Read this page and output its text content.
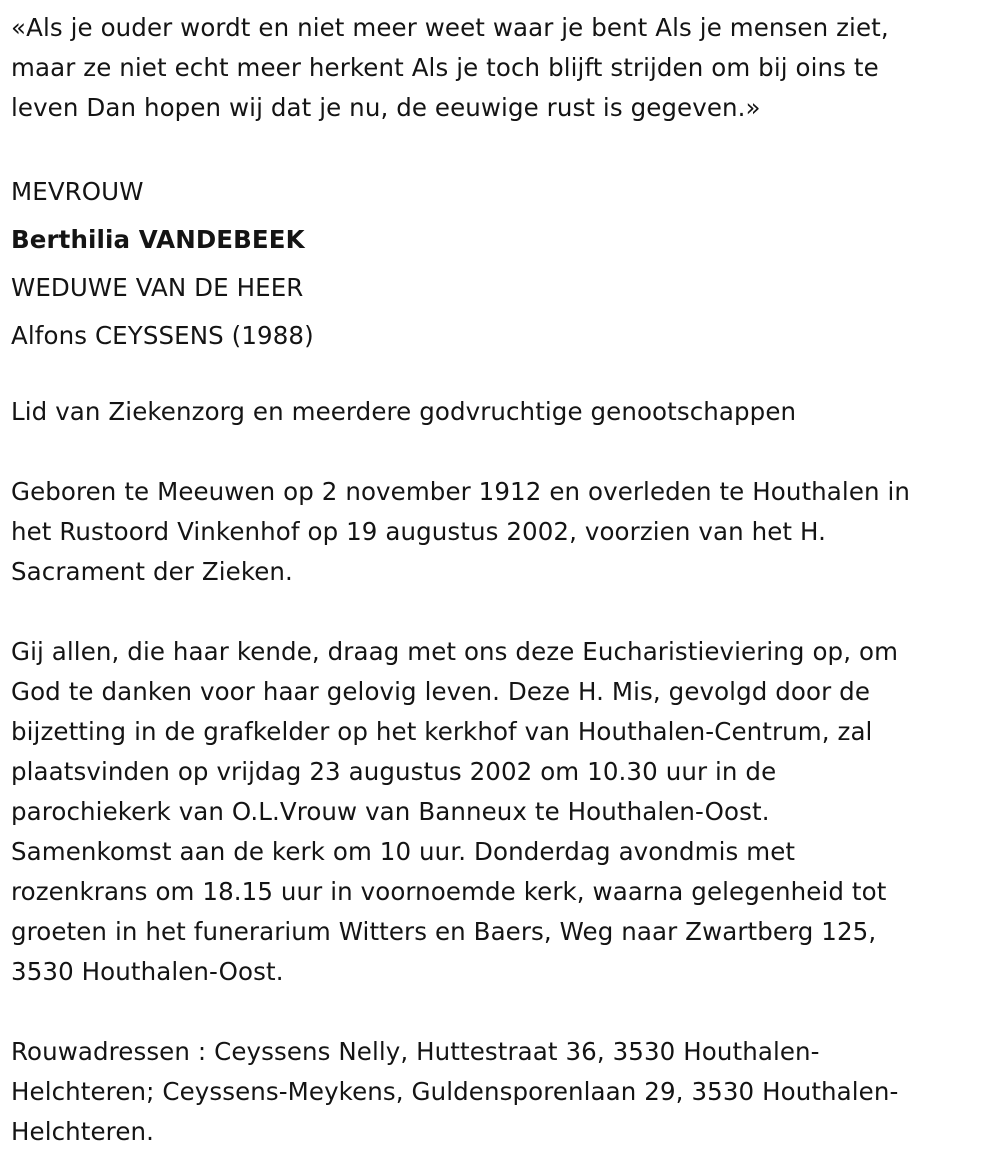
«Als je ouder wordt en niet meer weet waar je bent Als je mensen ziet,
maar ze niet echt meer herkent Als je toch blijft strijden om bij oins te
leven Dan hopen wij dat je nu, de eeuwige rust is gegeven.»

MEVROUW

Berthilia VANDEBEEK

WEDUWE VAN DE HEER

Alfons CEYSSENS (1988)

Lid van Ziekenzorg en meerdere godvruchtige genootschappen

Geboren te Meeuwen op 2 november 1912 en overleden te Houthalen in
het Rustoord Vinkenhof op 19 augustus 2002, voorzien van het H.
Sacrament der Zieken.

Gij allen, die haar kende, draag met ons deze Eucharistieviering op, om
God te danken voor haar gelovig leven. Deze H. Mis, gevolgd door de
bijzetting in de grafkelder op het kerkhof van Houthalen-Centrum, zal
plaatsvinden op vrijdag 23 augustus 2002 om 10.30 uur in de
parochiekerk van O.L.Vrouw van Banneux te Houthalen-Oost.
Samenkomst aan de kerk om 10 uur. Donderdag avondmis met
rozenkrans om 18.15 uur in voornoemde kerk, waarna gelegenheid tot
groeten in het funerarium Witters en Baers, Weg naar Zwartberg 125,
3530 Houthalen-Oost.

Rouwadressen : Ceyssens Nelly, Huttestraat 36, 3530 Houthalen-
Helchteren; Ceyssens-Meykens, Guldensporenlaan 29, 3530 Houthalen-
Helchteren.
